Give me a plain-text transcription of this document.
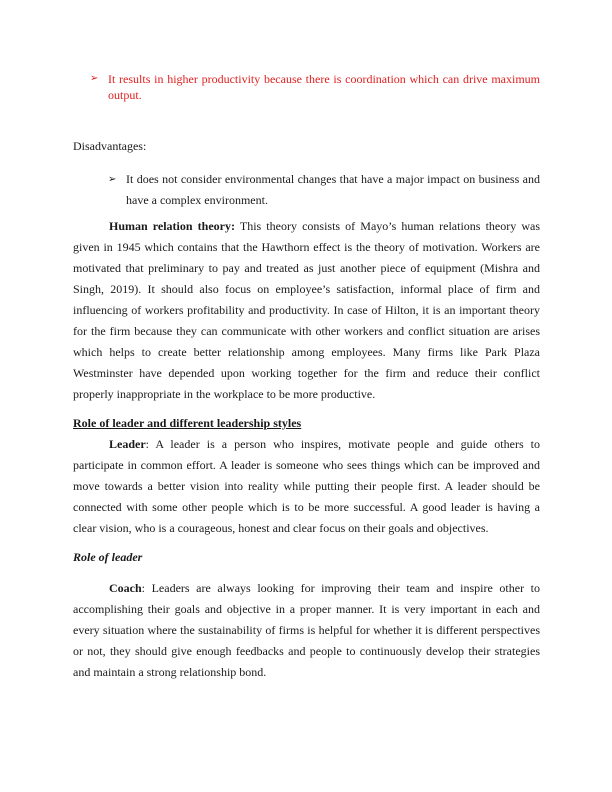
➢ It results in higher productivity because there is coordination which can drive maximum output.
Disadvantages:
➢ It does not consider environmental changes that have a major impact on business and have a complex environment.
Human relation theory: This theory consists of Mayo’s human relations theory was given in 1945 which contains that the Hawthorn effect is the theory of motivation. Workers are motivated that preliminary to pay and treated as just another piece of equipment (Mishra and Singh, 2019). It should also focus on employee’s satisfaction, informal place of firm and influencing of workers profitability and productivity. In case of Hilton, it is an important theory for the firm because they can communicate with other workers and conflict situation are arises which helps to create better relationship among employees. Many firms like Park Plaza Westminster have depended upon working together for the firm and reduce their conflict properly inappropriate in the workplace to be more productive.
Role of leader and different leadership styles
Leader: A leader is a person who inspires, motivate people and guide others to participate in common effort. A leader is someone who sees things which can be improved and move towards a better vision into reality while putting their people first. A leader should be connected with some other people which is to be more successful. A good leader is having a clear vision, who is a courageous, honest and clear focus on their goals and objectives.
Role of leader
Coach: Leaders are always looking for improving their team and inspire other to accomplishing their goals and objective in a proper manner. It is very important in each and every situation where the sustainability of firms is helpful for whether it is different perspectives or not, they should give enough feedbacks and people to continuously develop their strategies and maintain a strong relationship bond.
